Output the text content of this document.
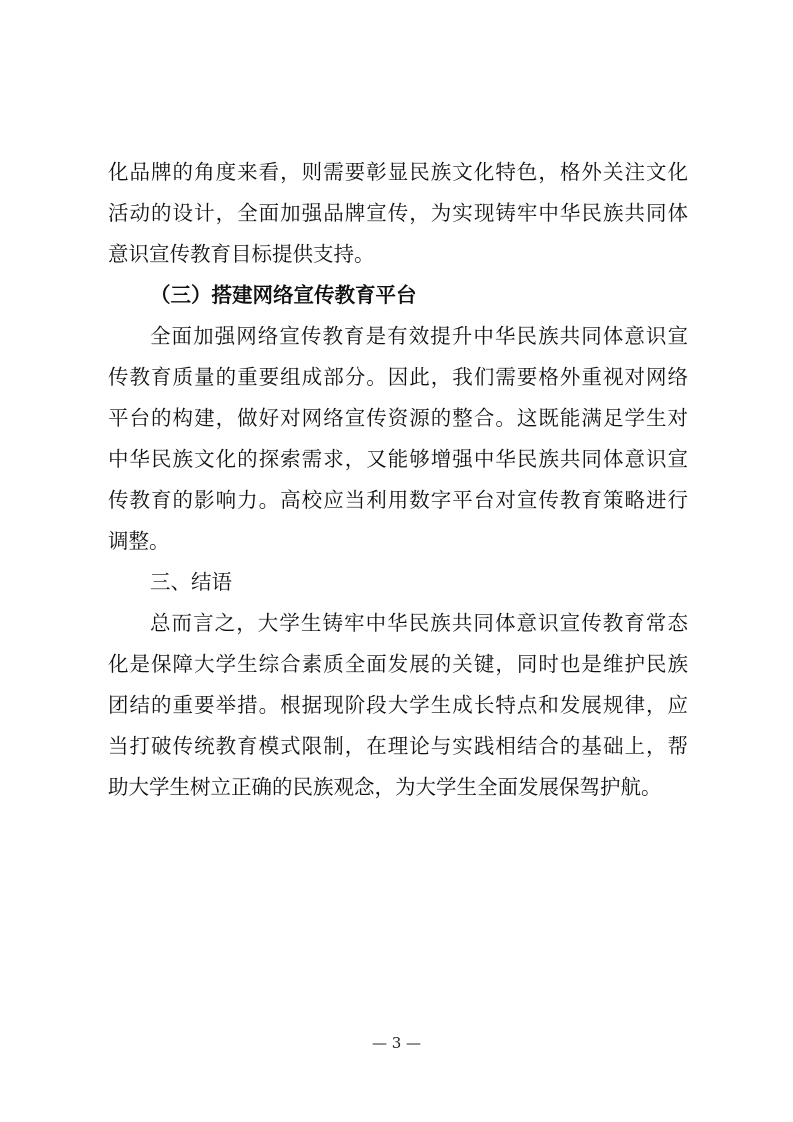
化品牌的角度来看，则需要彰显民族文化特色，格外关注文化
活动的设计，全面加强品牌宣传，为实现铸牢中华民族共同体
意识宣传教育目标提供支持。
（三）搭建网络宣传教育平台
全面加强网络宣传教育是有效提升中华民族共同体意识宣
传教育质量的重要组成部分。因此，我们需要格外重视对网络
平台的构建，做好对网络宣传资源的整合。这既能满足学生对
中华民族文化的探索需求，又能够增强中华民族共同体意识宣
传教育的影响力。高校应当利用数字平台对宣传教育策略进行
调整。
三、结语
总而言之，大学生铸牢中华民族共同体意识宣传教育常态
化是保障大学生综合素质全面发展的关键，同时也是维护民族
团结的重要举措。根据现阶段大学生成长特点和发展规律，应
当打破传统教育模式限制，在理论与实践相结合的基础上，帮
助大学生树立正确的民族观念，为大学生全面发展保驾护航。
— 3 —
